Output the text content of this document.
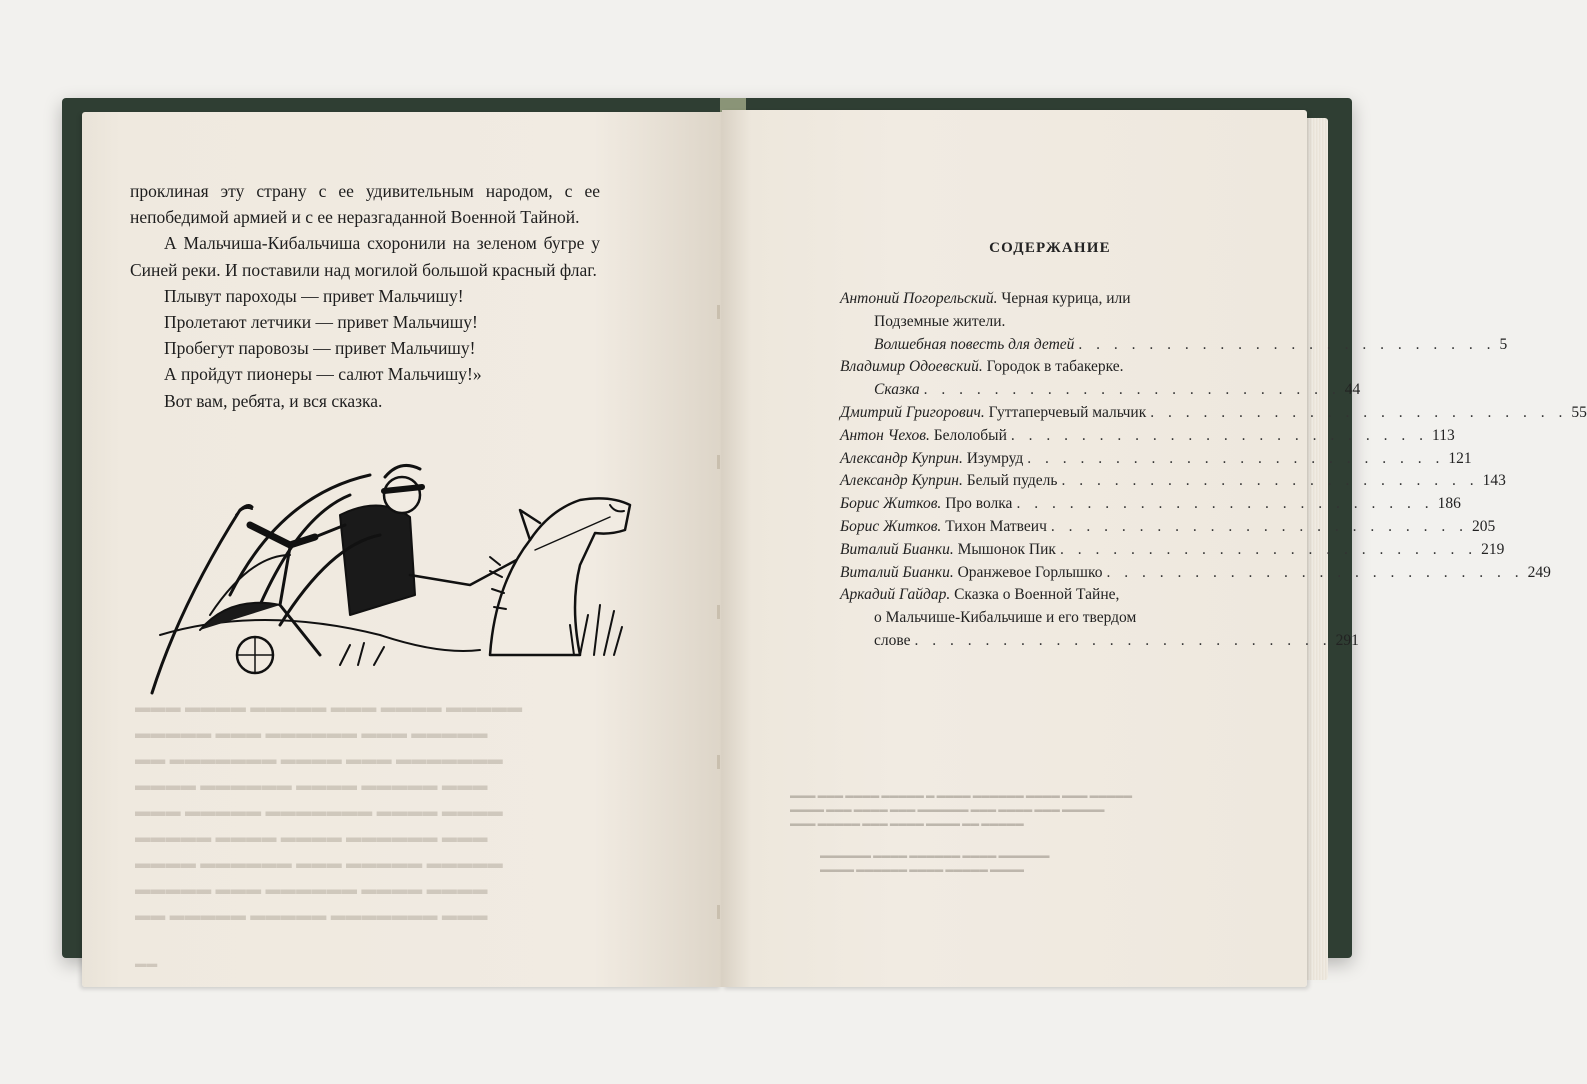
▬▬▬ ▬▬▬▬ ▬▬▬▬▬ ▬▬▬ ▬▬▬▬ ▬▬▬▬▬
▬▬▬▬▬ ▬▬▬ ▬▬▬▬▬▬ ▬▬▬ ▬▬▬▬▬
▬▬ ▬▬▬▬▬▬▬ ▬▬▬▬ ▬▬▬ ▬▬▬▬▬▬▬
▬▬▬▬ ▬▬▬▬▬▬ ▬▬▬▬ ▬▬▬▬▬ ▬▬▬
▬▬▬ ▬▬▬▬▬ ▬▬▬▬▬▬▬ ▬▬▬▬ ▬▬▬▬
▬▬▬▬▬ ▬▬▬▬ ▬▬▬▬ ▬▬▬▬▬▬ ▬▬▬
▬▬▬▬ ▬▬▬▬▬▬ ▬▬▬ ▬▬▬▬▬ ▬▬▬▬▬
▬▬▬▬▬ ▬▬▬ ▬▬▬▬▬▬ ▬▬▬▬ ▬▬▬▬
▬▬ ▬▬▬▬▬ ▬▬▬▬▬ ▬▬▬▬▬▬▬ ▬▬▬
▬▬

проклиная эту страну с ее удивительным народом, с ее непобедимой армией и с ее неразгаданной Военной Тайной.

А Мальчиша-Кибальчиша схоронили на зеленом бугре у Синей реки. И поставили над могилой большой красный флаг.

Плывут пароходы — привет Мальчишу!

Пролетают летчики — привет Мальчишу!

Пробегут паровозы — привет Мальчишу!

А пройдут пионеры — салют Мальчишу!»

Вот вам, ребята, и вся сказка.

СОДЕРЖАНИЕ
Антоний Погорельский. Черная курица, или
Подземные жители.
Волшебная повесть для детей . . . . . . . . . . . . . . . . . . . . . . . . 5
Владимир Одоевский. Городок в табакерке.
Сказка . . . . . . . . . . . . . . . . . . . . . . . . 44
Дмитрий Григорович. Гуттаперчевый мальчик . . . . . . . . . . . . . . . . . . . . . . . . 55
Антон Чехов. Белолобый . . . . . . . . . . . . . . . . . . . . . . . . 113
Александр Куприн. Изумруд . . . . . . . . . . . . . . . . . . . . . . . . 121
Александр Куприн. Белый пудель . . . . . . . . . . . . . . . . . . . . . . . . 143
Борис Житков. Про волка . . . . . . . . . . . . . . . . . . . . . . . . 186
Борис Житков. Тихон Матвеич . . . . . . . . . . . . . . . . . . . . . . . . 205
Виталий Бианки. Мышонок Пик . . . . . . . . . . . . . . . . . . . . . . . . 219
Виталий Бианки. Оранжевое Горлышко . . . . . . . . . . . . . . . . . . . . . . . . 249
Аркадий Гайдар. Сказка о Военной Тайне,
о Мальчише-Кибальчише и его твердом
слове . . . . . . . . . . . . . . . . . . . . . . . . 291
▬▬▬ ▬▬▬ ▬▬▬▬ ▬▬▬▬▬ ▬ ▬▬▬▬ ▬▬▬▬▬▬ ▬▬▬▬ ▬▬▬ ▬▬▬▬▬
▬▬▬▬ ▬▬▬ ▬▬▬▬ ▬▬▬ ▬▬▬▬▬▬ ▬▬▬ ▬▬▬▬ ▬▬▬ ▬▬▬▬▬
▬▬▬ ▬▬▬▬▬ ▬▬▬ ▬▬▬▬ ▬▬▬▬ ▬▬ ▬▬▬▬▬
▬▬▬▬▬▬ ▬▬▬▬ ▬▬▬▬▬▬ ▬▬▬▬ ▬▬▬▬▬▬
▬▬▬▬ ▬▬▬▬▬▬ ▬▬▬▬ ▬▬▬▬▬ ▬▬▬▬
